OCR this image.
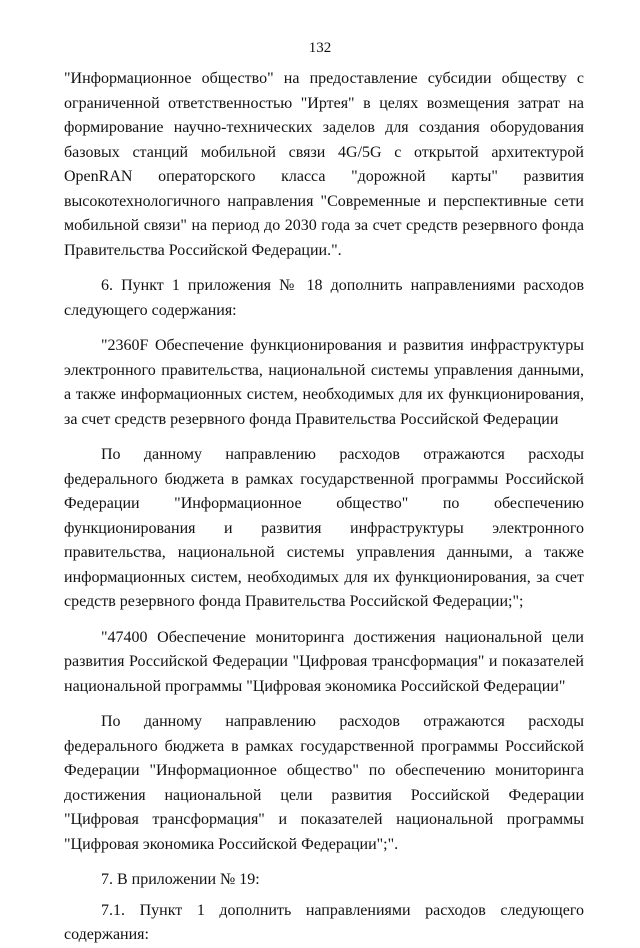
132

"Информационное общество" на предоставление субсидии обществу с ограниченной ответственностью "Иртея" в целях возмещения затрат на формирование научно-технических заделов для создания оборудования базовых станций мобильной связи 4G/5G с открытой архитектурой OpenRAN операторского класса "дорожной карты" развития высокотехнологичного направления "Современные и перспективные сети мобильной связи" на период до 2030 года за счет средств резервного фонда Правительства Российской Федерации.".

6. Пункт 1 приложения № 18 дополнить направлениями расходов следующего содержания:

"2360F Обеспечение функционирования и развития инфраструктуры электронного правительства, национальной системы управления данными, а также информационных систем, необходимых для их функционирования, за счет средств резервного фонда Правительства Российской Федерации

По данному направлению расходов отражаются расходы федерального бюджета в рамках государственной программы Российской Федерации "Информационное общество" по обеспечению функционирования и развития инфраструктуры электронного правительства, национальной системы управления данными, а также информационных систем, необходимых для их функционирования, за счет средств резервного фонда Правительства Российской Федерации;";

"47400 Обеспечение мониторинга достижения национальной цели развития Российской Федерации "Цифровая трансформация" и показателей национальной программы "Цифровая экономика Российской Федерации"

По данному направлению расходов отражаются расходы федерального бюджета в рамках государственной программы Российской Федерации "Информационное общество" по обеспечению мониторинга достижения национальной цели развития Российской Федерации "Цифровая трансформация" и показателей национальной программы "Цифровая экономика Российской Федерации";".

7. В приложении № 19:

7.1. Пункт 1 дополнить направлениями расходов следующего содержания:
